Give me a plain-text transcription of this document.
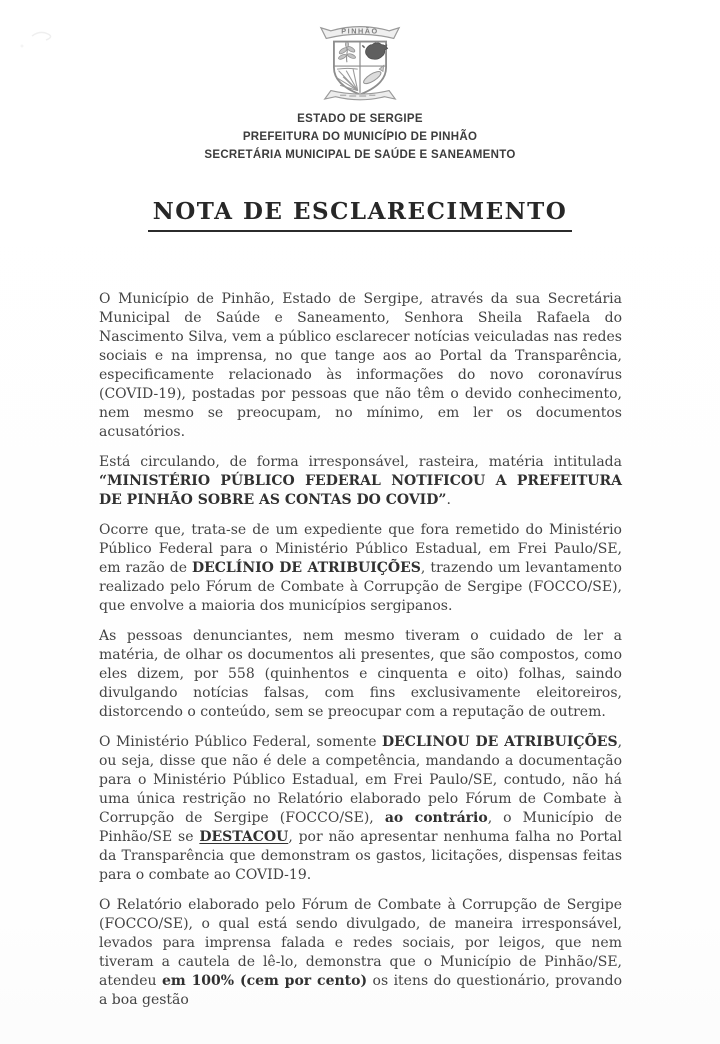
PINHÃO
ESTADO DE SERGIPE
PREFEITURA DO MUNICÍPIO DE PINHÃO
SECRETÁRIA MUNICIPAL DE SAÚDE E SANEAMENTO
NOTA DE ESCLARECIMENTO

O Município de Pinhão, Estado de Sergipe, através da sua Secretária Municipal de Saúde e Saneamento, Senhora Sheila Rafaela do Nascimento Silva, vem a público esclarecer notícias veiculadas nas redes sociais e na imprensa, no que tange aos ao Portal da Transparência, especificamente relacionado às informações do novo coronavírus (COVID-19), postadas por pessoas que não têm o devido conhecimento, nem mesmo se preocupam, no mínimo, em ler os documentos acusatórios.

Está circulando, de forma irresponsável, rasteira, matéria intitulada “MINISTÉRIO PÚBLICO FEDERAL NOTIFICOU A PREFEITURA DE PINHÃO SOBRE AS CONTAS DO COVID”.

Ocorre que, trata-se de um expediente que fora remetido do Ministério Público Federal para o Ministério Público Estadual, em Frei Paulo/SE, em razão de DECLÍNIO DE ATRIBUIÇÕES, trazendo um levantamento realizado pelo Fórum de Combate à Corrupção de Sergipe (FOCCO/SE), que envolve a maioria dos municípios sergipanos.

As pessoas denunciantes, nem mesmo tiveram o cuidado de ler a matéria, de olhar os documentos ali presentes, que são compostos, como eles dizem, por 558 (quinhentos e cinquenta e oito) folhas, saindo divulgando notícias falsas, com fins exclusivamente eleitoreiros, distorcendo o conteúdo, sem se preocupar com a reputação de outrem.

O Ministério Público Federal, somente DECLINOU DE ATRIBUIÇÕES, ou seja, disse que não é dele a competência, mandando a documentação para o Ministério Público Estadual, em Frei Paulo/SE, contudo, não há uma única restrição no Relatório elaborado pelo Fórum de Combate à Corrupção de Sergipe (FOCCO/SE), ao contrário, o Município de Pinhão/SE se DESTACOU, por não apresentar nenhuma falha no Portal da Transparência que demonstram os gastos, licitações, dispensas feitas para o combate ao COVID-19.

O Relatório elaborado pelo Fórum de Combate à Corrupção de Sergipe (FOCCO/SE), o qual está sendo divulgado, de maneira irresponsável, levados para imprensa falada e redes sociais, por leigos, que nem tiveram a cautela de lê-lo, demonstra que o Município de Pinhão/SE, atendeu em 100% (cem por cento) os itens do questionário, provando a boa gestão
